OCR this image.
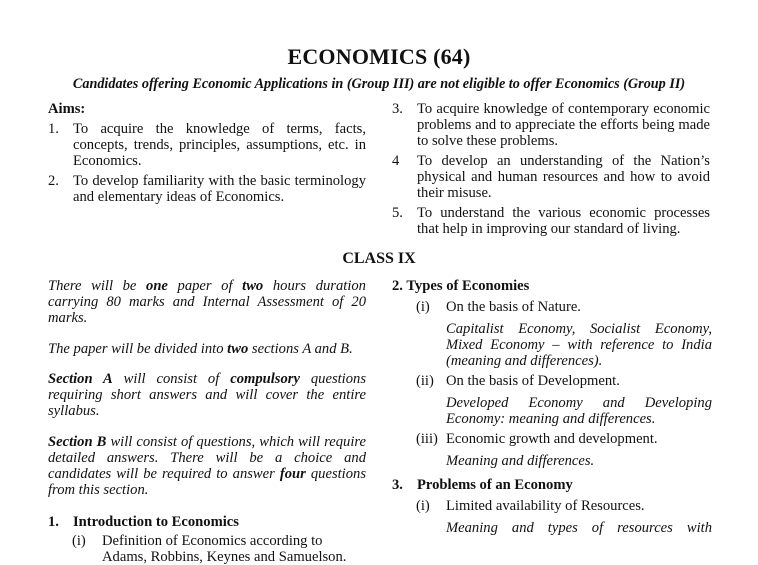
ECONOMICS (64)
Candidates offering Economic Applications in (Group III) are not eligible to offer Economics (Group II)
Aims:
1. To acquire the knowledge of terms, facts, concepts, trends, principles, assumptions, etc. in Economics.
2. To develop familiarity with the basic terminology and elementary ideas of Economics.
3. To acquire knowledge of contemporary economic problems and to appreciate the efforts being made to solve these problems.
4	To develop an understanding of the Nation’s physical and human resources and how to avoid their misuse.
5. To understand the various economic processes that help in improving our standard of living.
CLASS IX

There will be one paper of two hours duration carrying 80 marks and Internal Assessment of 20 marks.

The paper will be divided into two sections A and B.

Section A will consist of compulsory questions requiring short answers and will cover the entire syllabus.

Section B will consist of questions, which will require detailed answers. There will be a choice and candidates will be required to answer four questions from this section.

1. Introduction to Economics
(i)	Definition of Economics according to Adams, Robbins, Keynes and Samuelson.
2. Types of Economies
(i)	On the basis of Nature.
Capitalist Economy, Socialist Economy, Mixed Economy – with reference to India (meaning and differences).
(ii) On the basis of Development.
Developed Economy and Developing Economy: meaning and differences.
(iii) Economic growth and development.
Meaning and differences.
3. Problems of an Economy
(i)	Limited availability of Resources.
Meaning and types of resources with
